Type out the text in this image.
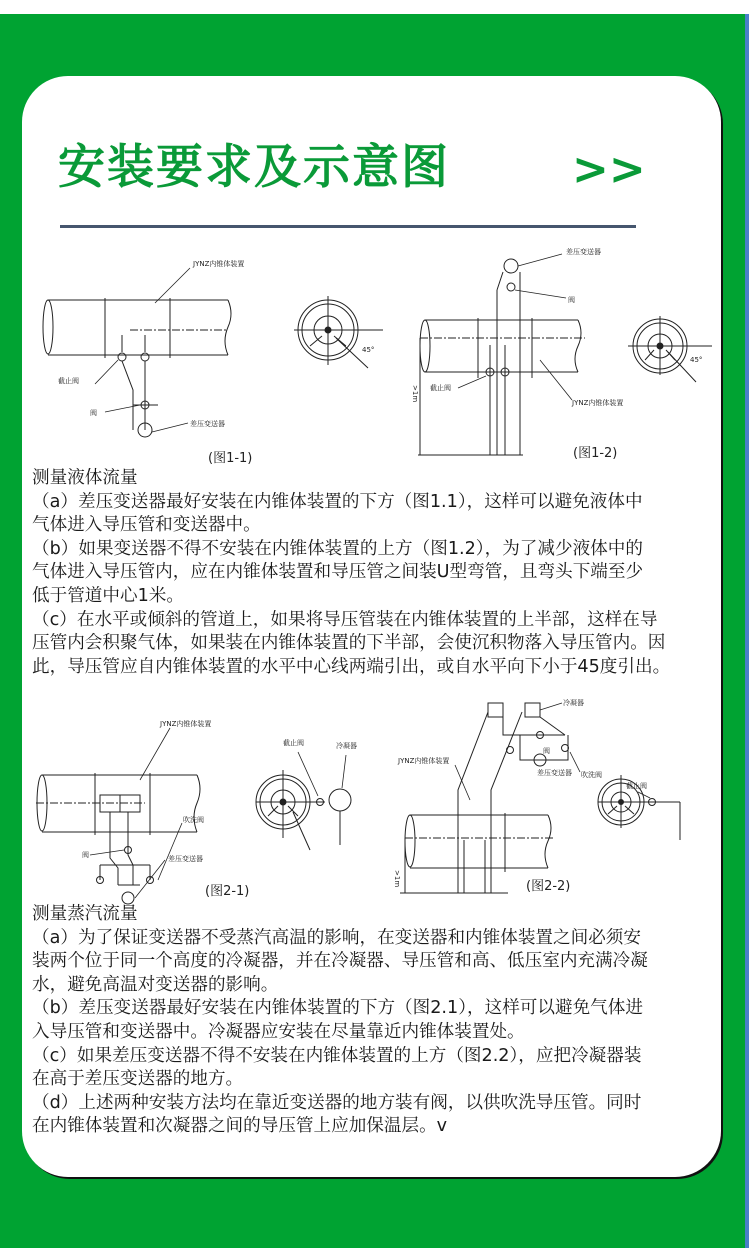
安装要求及示意图	>>
JYNZ内锥体装置
截止阀
阀
差压变送器
(图1-1)
45°
差压变送器
阀
截止阀
JYNZ内锥体装置
>1m
(图1-2)
45°
JYNZ内锥体装置
吹洗阀
阀	差压变送器
(图2-1)
截止阀	冷凝器
冷凝器
阀
吹洗阀
JYNZ内锥体装置
差压变送器
>1m	(图2-2)
截止阀
测量液体流量
（a）差压变送器最好安装在内锥体装置的下方（图1.1），这样可以避免液体中
气体进入导压管和变送器中。
（b）如果变送器不得不安装在内锥体装置的上方（图1.2），为了减少液体中的
气体进入导压管内，应在内锥体装置和导压管之间装U型弯管，且弯头下端至少
低于管道中心1米。
（c）在水平或倾斜的管道上，如果将导压管装在内锥体装置的上半部，这样在导
压管内会积聚气体，如果装在内锥体装置的下半部，会使沉积物落入导压管内。因
此，导压管应自内锥体装置的水平中心线两端引出，或自水平向下小于45度引出。
测量蒸汽流量
（a）为了保证变送器不受蒸汽高温的影响，在变送器和内锥体装置之间必须安
装两个位于同一个高度的冷凝器，并在冷凝器、导压管和高、低压室内充满冷凝
水，避免高温对变送器的影响。
（b）差压变送器最好安装在内锥体装置的下方（图2.1），这样可以避免气体进
入导压管和变送器中。冷凝器应安装在尽量靠近内锥体装置处。
（c）如果差压变送器不得不安装在内锥体装置的上方（图2.2），应把冷凝器装
在高于差压变送器的地方。
（d）上述两种安装方法均在靠近变送器的地方装有阀，以供吹洗导压管。同时
在内锥体装置和次凝器之间的导压管上应加保温层。v
